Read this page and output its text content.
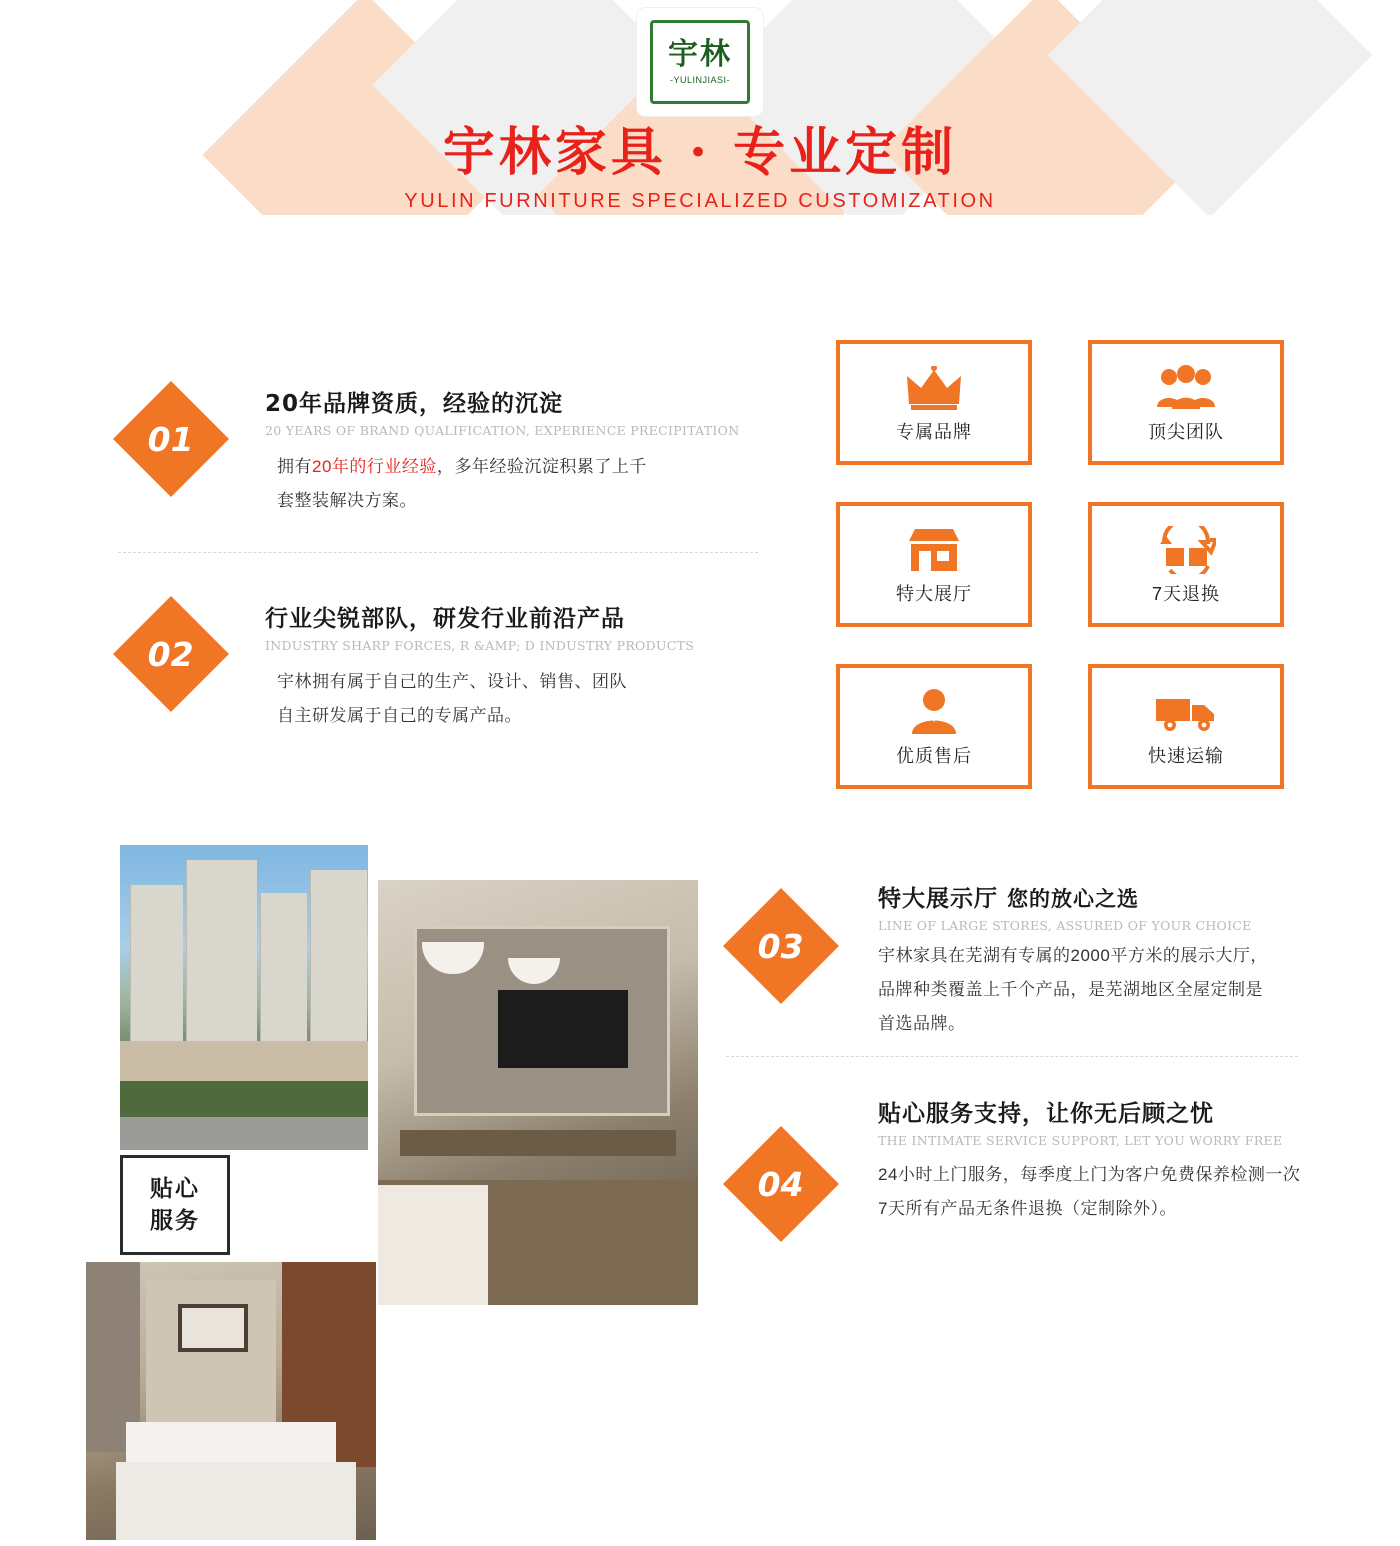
宇林
-YULINJIASI-
宇林家具 · 专业定制
YULIN FURNITURE SPECIALIZED CUSTOMIZATION
01
20年品牌资质，经验的沉淀
20 YEARS OF BRAND QUALIFICATION, EXPERIENCE PRECIPITATION
拥有20年的行业经验，多年经验沉淀积累了上千
套整装解决方案。
02
行业尖锐部队，研发行业前沿产品
INDUSTRY SHARP FORCES, R &AMP; D INDUSTRY PRODUCTS
宇林拥有属于自己的生产、设计、销售、团队
自主研发属于自己的专属产品。
专属品牌	顶尖团队
特大展厅	7天退换
优质售后	快速运输
贴心
服务
03
特大展示厅 您的放心之选
LINE OF LARGE STORES, ASSURED OF YOUR CHOICE
宇林家具在芜湖有专属的2000平方米的展示大厅，
品牌种类覆盖上千个产品，是芜湖地区全屋定制是
首选品牌。
04
贴心服务支持，让你无后顾之忧
THE INTIMATE SERVICE SUPPORT, LET YOU WORRY FREE
24小时上门服务，每季度上门为客户免费保养检测一次
7天所有产品无条件退换（定制除外）。
